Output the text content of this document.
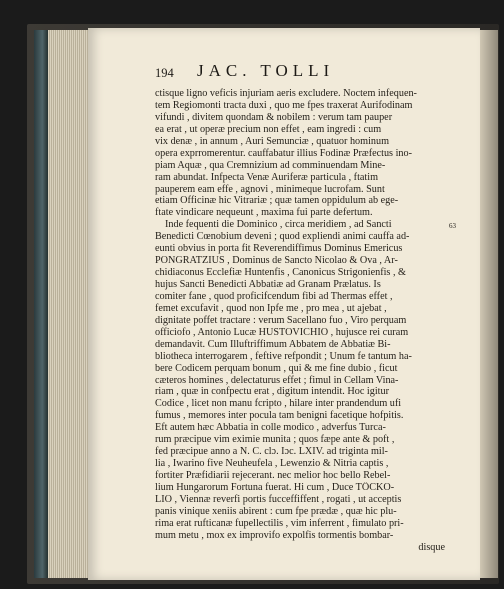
194 JAC. TOLLI
63
ctisque ligno veficis injuriam aeris excludere. Noctem infequen-
tem Regiomonti tracta duxi , quo me fpes traxerat Aurifodinam
vifundi , divitem quondam & nobilem : verum tam pauper
ea erat , ut operæ precium non effet , eam ingredi : cum
vix denæ , in annum , Auri Semunciæ , quatuor hominum
opera exprromerentur. cauffabatur illius Fodinæ Præfectus ino-
piam Aquæ , qua Cremnizium ad comminuendam Mine-
ram abundat. Infpecta Venæ Auriferæ particula , ftatim
pauperem eam effe , agnovi , minimeque lucrofam. Sunt
etiam Officinæ hic Vitrariæ ; quæ tamen oppidulum ab ege-
ftate vindicare nequeunt , maxima fui parte defertum.
Inde fequenti die Dominico , circa meridiem , ad Sancti
Benedicti Cœnobium deveni ; quod expliendi animi cauffa ad-
eunti obvius in porta fit Reverendiffimus Dominus Emericus
PONGRATZIUS , Dominus de Sancto Nicolao & Ova , Ar-
chidiaconus Ecclefiæ Huntenfis , Canonicus Strigonienfis , &
hujus Sancti Benedicti Abbatiæ ad Granam Prælatus. Is
comiter fane , quod proficifcendum fibi ad Thermas effet ,
femet excufavit , quod non Ipfe me , pro mea , ut ajebat ,
dignitate poffet tractare : verum Sacellano fuo , Viro perquam
officiofo , Antonio Lucæ HUSTOVICHIO , hujusce rei curam
demandavit. Cum Illuftriffimum Abbatem de Abbatiæ Bi-
bliotheca interrogarem , feftive refpondit ; Unum fe tantum ha-
bere Codicem perquam bonum , qui & me fine dubio , ficut
cæteros homines , delectaturus effet ; fimul in Cellam Vina-
riam , quæ in confpectu erat , digitum intendit. Hoc igitur
Codice , licet non manu fcripto , hilare inter prandendum ufi
fumus , memores inter pocula tam benigni facetique hofpitis.
Eft autem hæc Abbatia in colle modico , adverfus Turca-
rum præcipue vim eximie munita ; quos fæpe ante & poft ,
fed præcipue anno a N. C. clɔ. Iɔc. LXIV. ad triginta mil-
lia , Iwarino five Neuheufela , Lewenzio & Nitria captis ,
fortiter Præfidiarii rejecerant. nec melior hoc bello Rebel-
lium Hungarorum Fortuna fuerat. Hi cum , Duce TÖCKO-
LIO , Viennæ reverfi portis fucceffiffent , rogati , ut acceptis
panis vinique xeniis abirent : cum fpe prædæ , quæ hic plu-
rima erat rufticanæ fupellectilis , vim inferrent , fimulato pri-
mum metu , mox ex improvifo expolfis tormentis bombar-
disque
